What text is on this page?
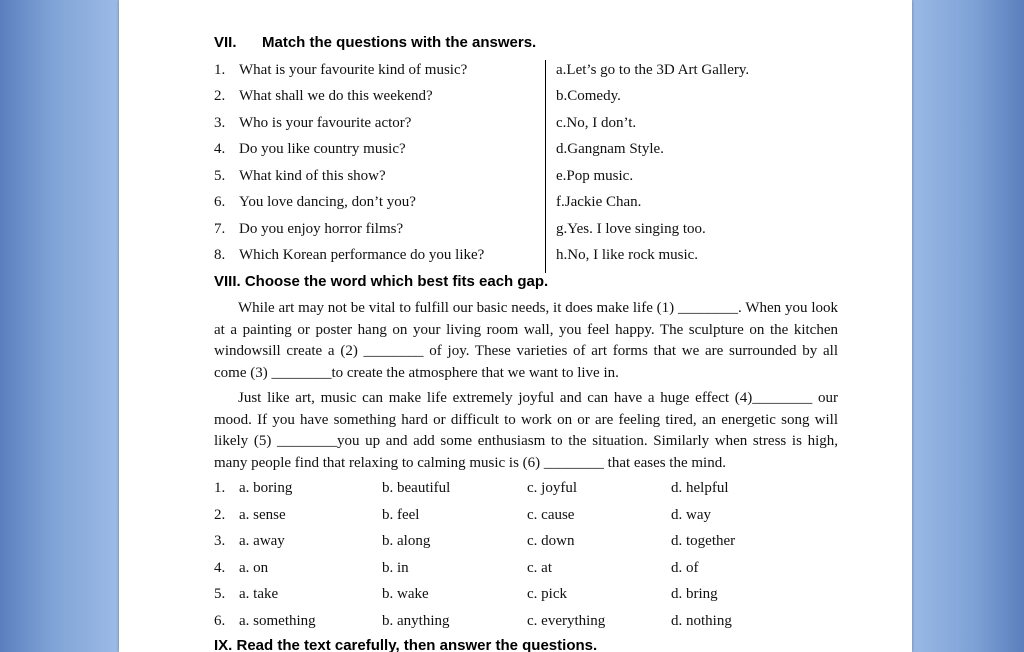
VII. Match the questions with the answers.
1. What is your favourite kind of music?	a.Let’s go to the 3D Art Gallery.
2. What shall we do this weekend?	b.Comedy.
3. Who is your favourite actor?	c.No, I don’t.
4. Do you like country music?	d.Gangnam Style.
5. What kind of this show?	e.Pop music.
6. You love dancing, don’t you?	f.Jackie Chan.
7. Do you enjoy horror films?	g.Yes. I love singing too.
8. Which Korean performance do you like?	h.No, I like rock music.
VIII. Choose the word which best fits each gap.

While art may not be vital to fulfill our basic needs, it does make life (1) ________. When you look at a painting or poster hang on your living room wall, you feel happy. The sculpture on the kitchen windowsill create a (2) ________ of joy. These varieties of art forms that we are surrounded by all come (3) ________to create the atmosphere that we want to live in.

Just like art, music can make life extremely joyful and can have a huge effect (4)________ our mood. If you have something hard or difficult to work on or are feeling tired, an energetic song will likely (5) ________you up and add some enthusiasm to the situation. Similarly when stress is high, many people find that relaxing to calming music is (6) ________ that eases the mind.

1. a. boring	b. beautiful	c. joyful	d. helpful
2. a. sense	b. feel	c. cause	d. way
3. a. away	b. along	c. down	d. together
4. a. on	b. in	c. at	d. of
5. a. take	b. wake	c. pick	d. bring
6. a. something	b. anything	c. everything	d. nothing
IX. Read the text carefully, then answer the questions.
